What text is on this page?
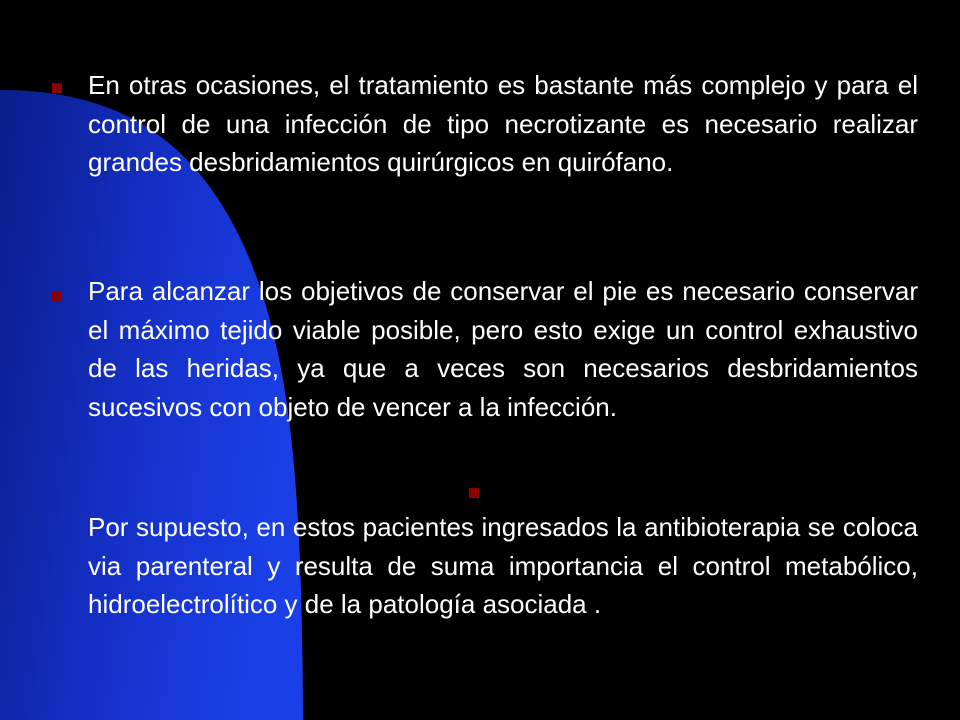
En otras ocasiones, el tratamiento es bastante más complejo y para el control de una infección de tipo necrotizante es necesario realizar grandes desbridamientos quirúrgicos en quirófano.

Para alcanzar los objetivos de conservar el pie es necesario conservar el máximo tejido viable posible, pero esto exige un control exhaustivo de las heridas, ya que a veces son necesarios desbridamientos sucesivos con objeto de vencer a la infección.

Por supuesto, en estos pacientes ingresados la antibioterapia se coloca via parenteral y resulta de suma importancia el control metabólico, hidroelectrolítico y de la patología asociada .
